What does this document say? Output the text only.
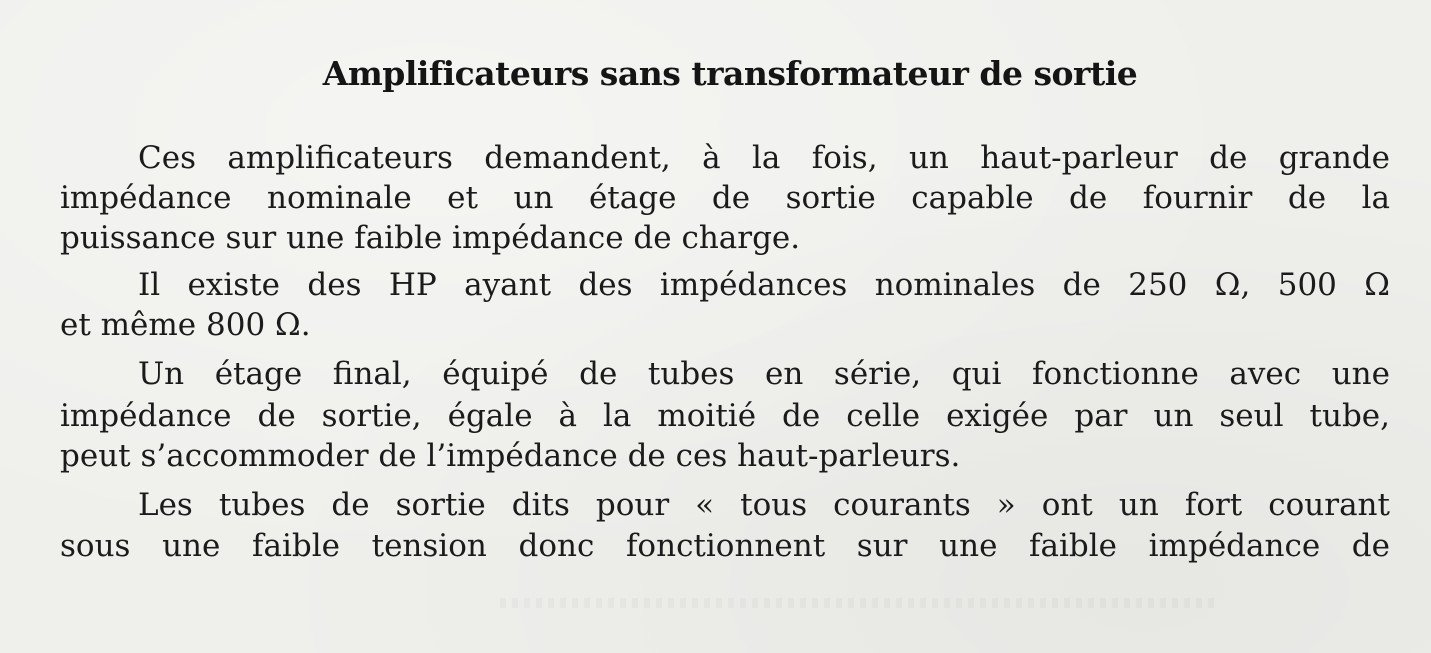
Amplificateurs sans transformateur de sortie
Ces amplificateurs demandent, à la fois, un haut-parleur de grande
impédance nominale et un étage de sortie capable de fournir de la
puissance sur une faible impédance de charge.
Il existe des HP ayant des impédances nominales de 250 Ω, 500 Ω
et même 800 Ω.
Un étage final, équipé de tubes en série, qui fonctionne avec une
impédance de sortie, égale à la moitié de celle exigée par un seul tube,
peut s’accommoder de l’impédance de ces haut-parleurs.
Les tubes de sortie dits pour « tous courants » ont un fort courant
sous une faible tension donc fonctionnent sur une faible impédance de
